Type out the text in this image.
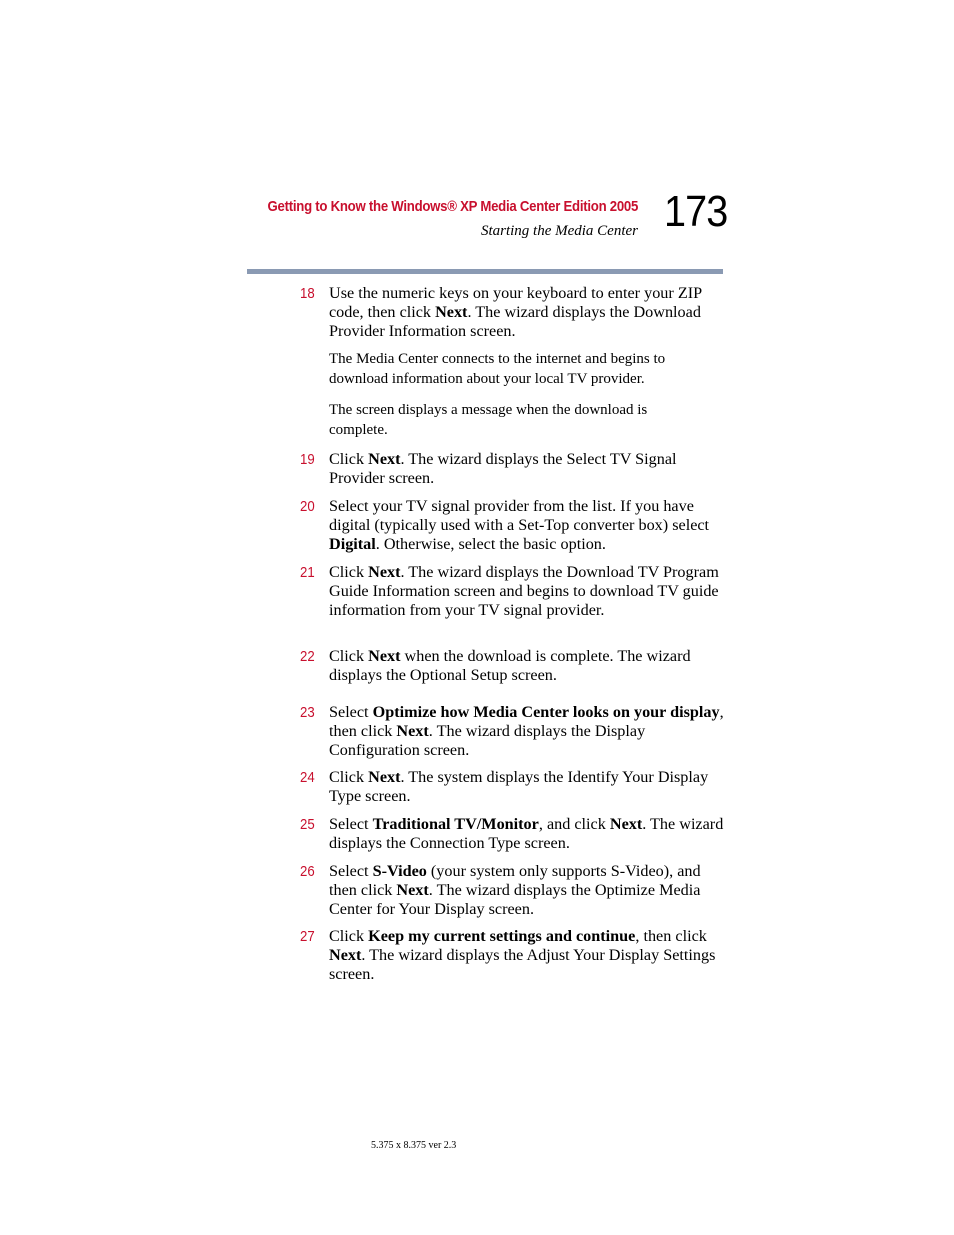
Getting to Know the Windows® XP Media Center Edition 2005
Starting the Media Center 173
18 Use the numeric keys on your keyboard to enter your ZIP code, then click Next. The wizard displays the Download Provider Information screen.
The Media Center connects to the internet and begins to download information about your local TV provider.
The screen displays a message when the download is complete.
19 Click Next. The wizard displays the Select TV Signal Provider screen.
20 Select your TV signal provider from the list. If you have digital (typically used with a Set-Top converter box) select Digital. Otherwise, select the basic option.
21 Click Next. The wizard displays the Download TV Program Guide Information screen and begins to download TV guide information from your TV signal provider.
22 Click Next when the download is complete. The wizard displays the Optional Setup screen.
23 Select Optimize how Media Center looks on your display, then click Next. The wizard displays the Display Configuration screen.
24 Click Next. The system displays the Identify Your Display Type screen.
25 Select Traditional TV/Monitor, and click Next. The wizard displays the Connection Type screen.
26 Select S-Video (your system only supports S-Video), and then click Next. The wizard displays the Optimize Media Center for Your Display screen.
27 Click Keep my current settings and continue, then click Next. The wizard displays the Adjust Your Display Settings screen.
5.375 x 8.375 ver 2.3
